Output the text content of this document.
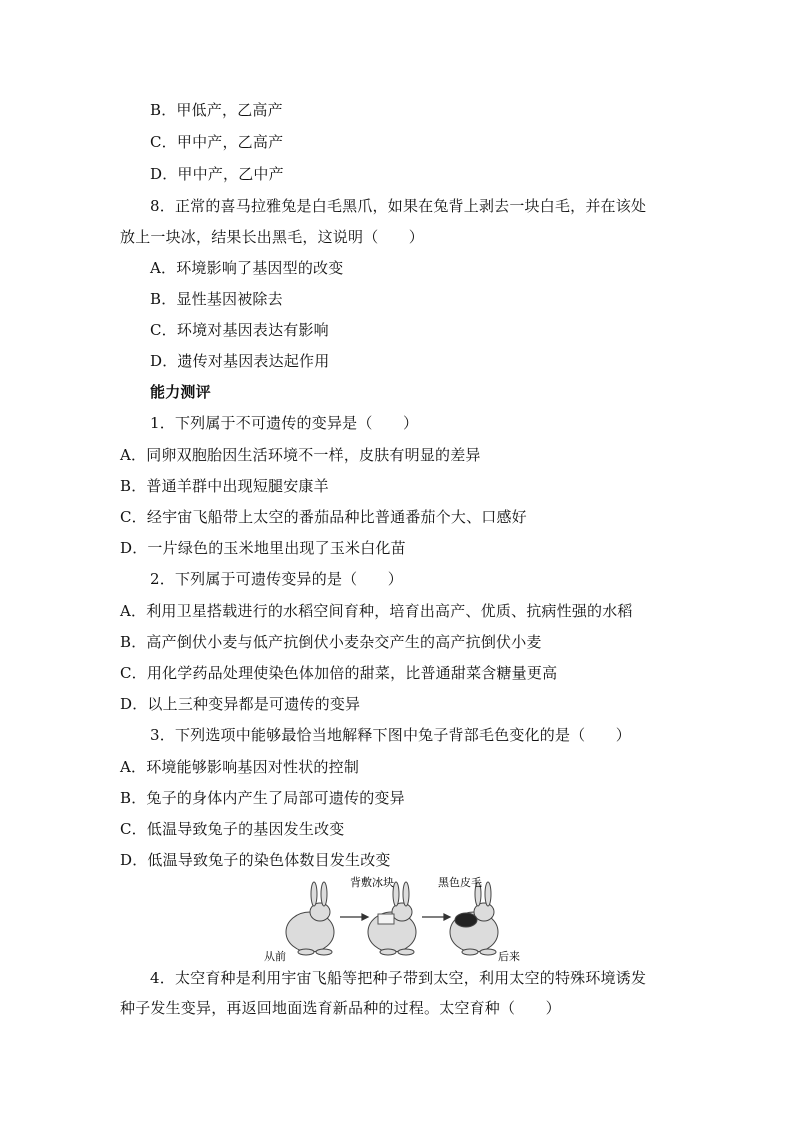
B．甲低产，乙高产
C．甲中产，乙高产
D．甲中产，乙中产
8．正常的喜马拉雅兔是白毛黑爪，如果在兔背上剥去一块白毛，并在该处
放上一块冰，结果长出黑毛，这说明（　　）
A．环境影响了基因型的改变
B．显性基因被除去
C．环境对基因表达有影响
D．遗传对基因表达起作用
能力测评
1．下列属于不可遗传的变异是（　　）
A．同卵双胞胎因生活环境不一样，皮肤有明显的差异
B．普通羊群中出现短腿安康羊
C．经宇宙飞船带上太空的番茄品种比普通番茄个大、口感好
D．一片绿色的玉米地里出现了玉米白化苗
2．下列属于可遗传变异的是（　　）
A．利用卫星搭载进行的水稻空间育种，培育出高产、优质、抗病性强的水稻
B．高产倒伏小麦与低产抗倒伏小麦杂交产生的高产抗倒伏小麦
C．用化学药品处理使染色体加倍的甜菜，比普通甜菜含糖量更高
D．以上三种变异都是可遗传的变异
3．下列选项中能够最恰当地解释下图中兔子背部毛色变化的是（　　）
A．环境能够影响基因对性状的控制
B．兔子的身体内产生了局部可遗传的变异
C．低温导致兔子的基因发生改变
D．低温导致兔子的染色体数目发生改变
从前
背敷冰块	黑色皮毛
后来
4．太空育种是利用宇宙飞船等把种子带到太空，利用太空的特殊环境诱发
种子发生变异，再返回地面选育新品种的过程。太空育种（　　）
